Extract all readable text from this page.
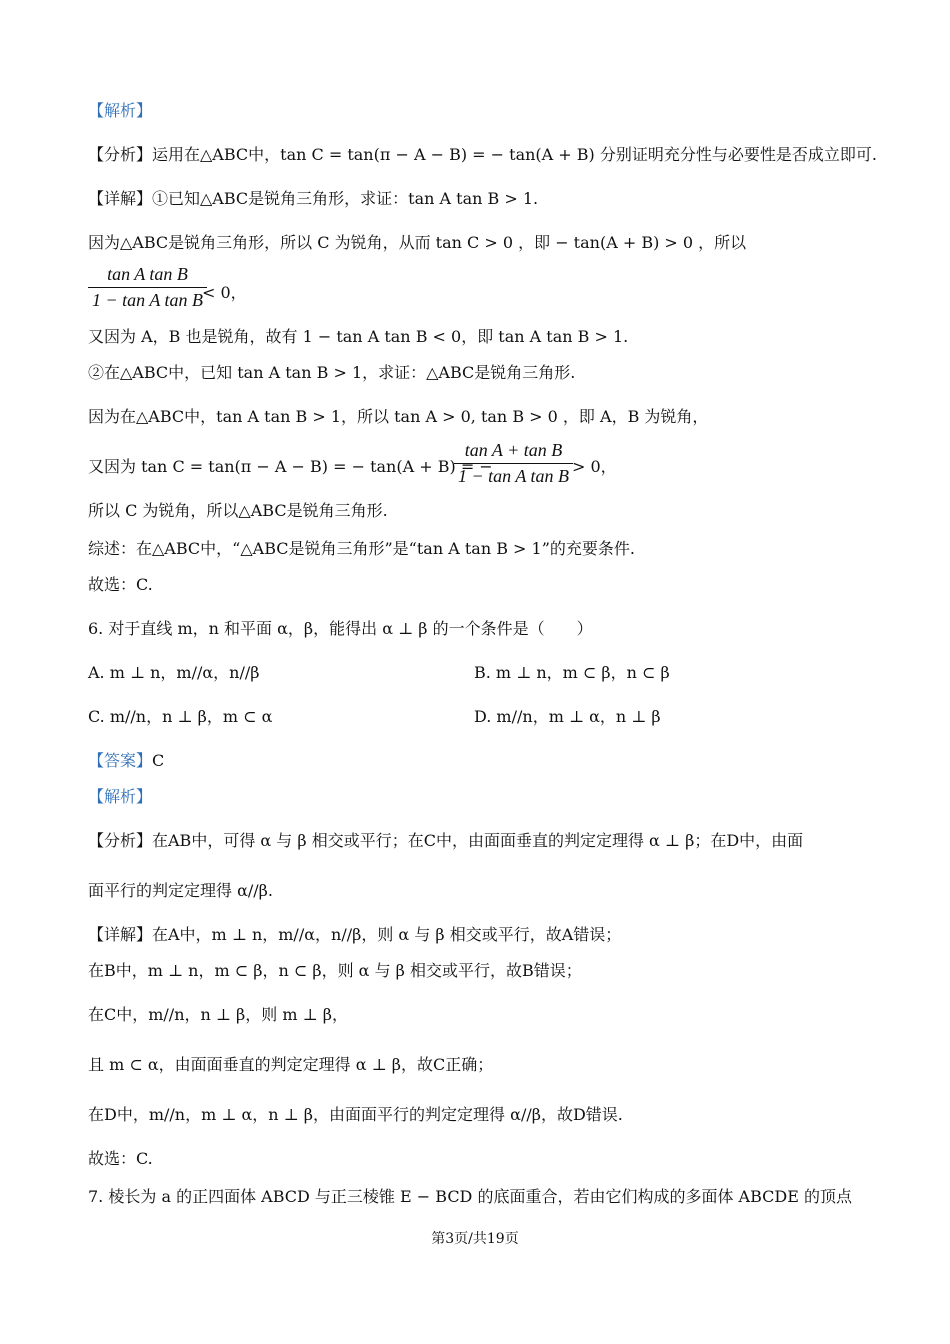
【解析】
【分析】运用在△ABC中，tan C = tan(π − A − B) = − tan(A + B) 分别证明充分性与必要性是否成立即可.
【详解】①已知△ABC是锐角三角形，求证：tan A tan B > 1.
因为△ABC是锐角三角形，所以 C 为锐角，从而 tan C > 0 ，即 − tan(A + B) > 0 ，所以
$\frac{\text{tan A tan B}}{\text{1 − tan A tan B}}$
< 0，
又因为 A，B 也是锐角，故有 1 − tan A tan B < 0，即 tan A tan B > 1.
②在△ABC中，已知 tan A tan B > 1，求证：△ABC是锐角三角形.
因为在△ABC中，tan A tan B > 1，所以 tan A > 0, tan B > 0 ，即 A，B 为锐角，
又因为 tan C = tan(π − A − B) = − tan(A + B) = −
$\frac{\text{tan A + tan B}}{\text{1 − tan A tan B}} > 0$，
所以 C 为锐角，所以△ABC是锐角三角形.
综述：在△ABC中，“△ABC是锐角三角形”是“tan A tan B > 1”的充要条件.
故选：C.
6. 对于直线 m，n 和平面 α，β，能得出 α ⊥ β 的一个条件是（　　）
A. m ⊥ n，m//α，n//β	B. m ⊥ n，m ⊂ β，n ⊂ β
C. m//n，n ⊥ β，m ⊂ α	D. m//n，m ⊥ α，n ⊥ β
【答案】C
【解析】
【分析】在AB中，可得 α 与 β 相交或平行；在C中，由面面垂直的判定定理得 α ⊥ β；在D中，由面
面平行的判定定理得 α//β.
【详解】在A中，m ⊥ n，m//α，n//β，则 α 与 β 相交或平行，故A错误；
在B中，m ⊥ n，m ⊂ β，n ⊂ β，则 α 与 β 相交或平行，故B错误；
在C中，m//n，n ⊥ β，则 m ⊥ β，
且 m ⊂ α，由面面垂直的判定定理得 α ⊥ β，故C正确；
在D中，m//n，m ⊥ α，n ⊥ β，由面面平行的判定定理得 α//β，故D错误.
故选：C.
7. 棱长为 a 的正四面体 ABCD 与正三棱锥 E − BCD 的底面重合，若由它们构成的多面体 ABCDE 的顶点
第3页/共19页
